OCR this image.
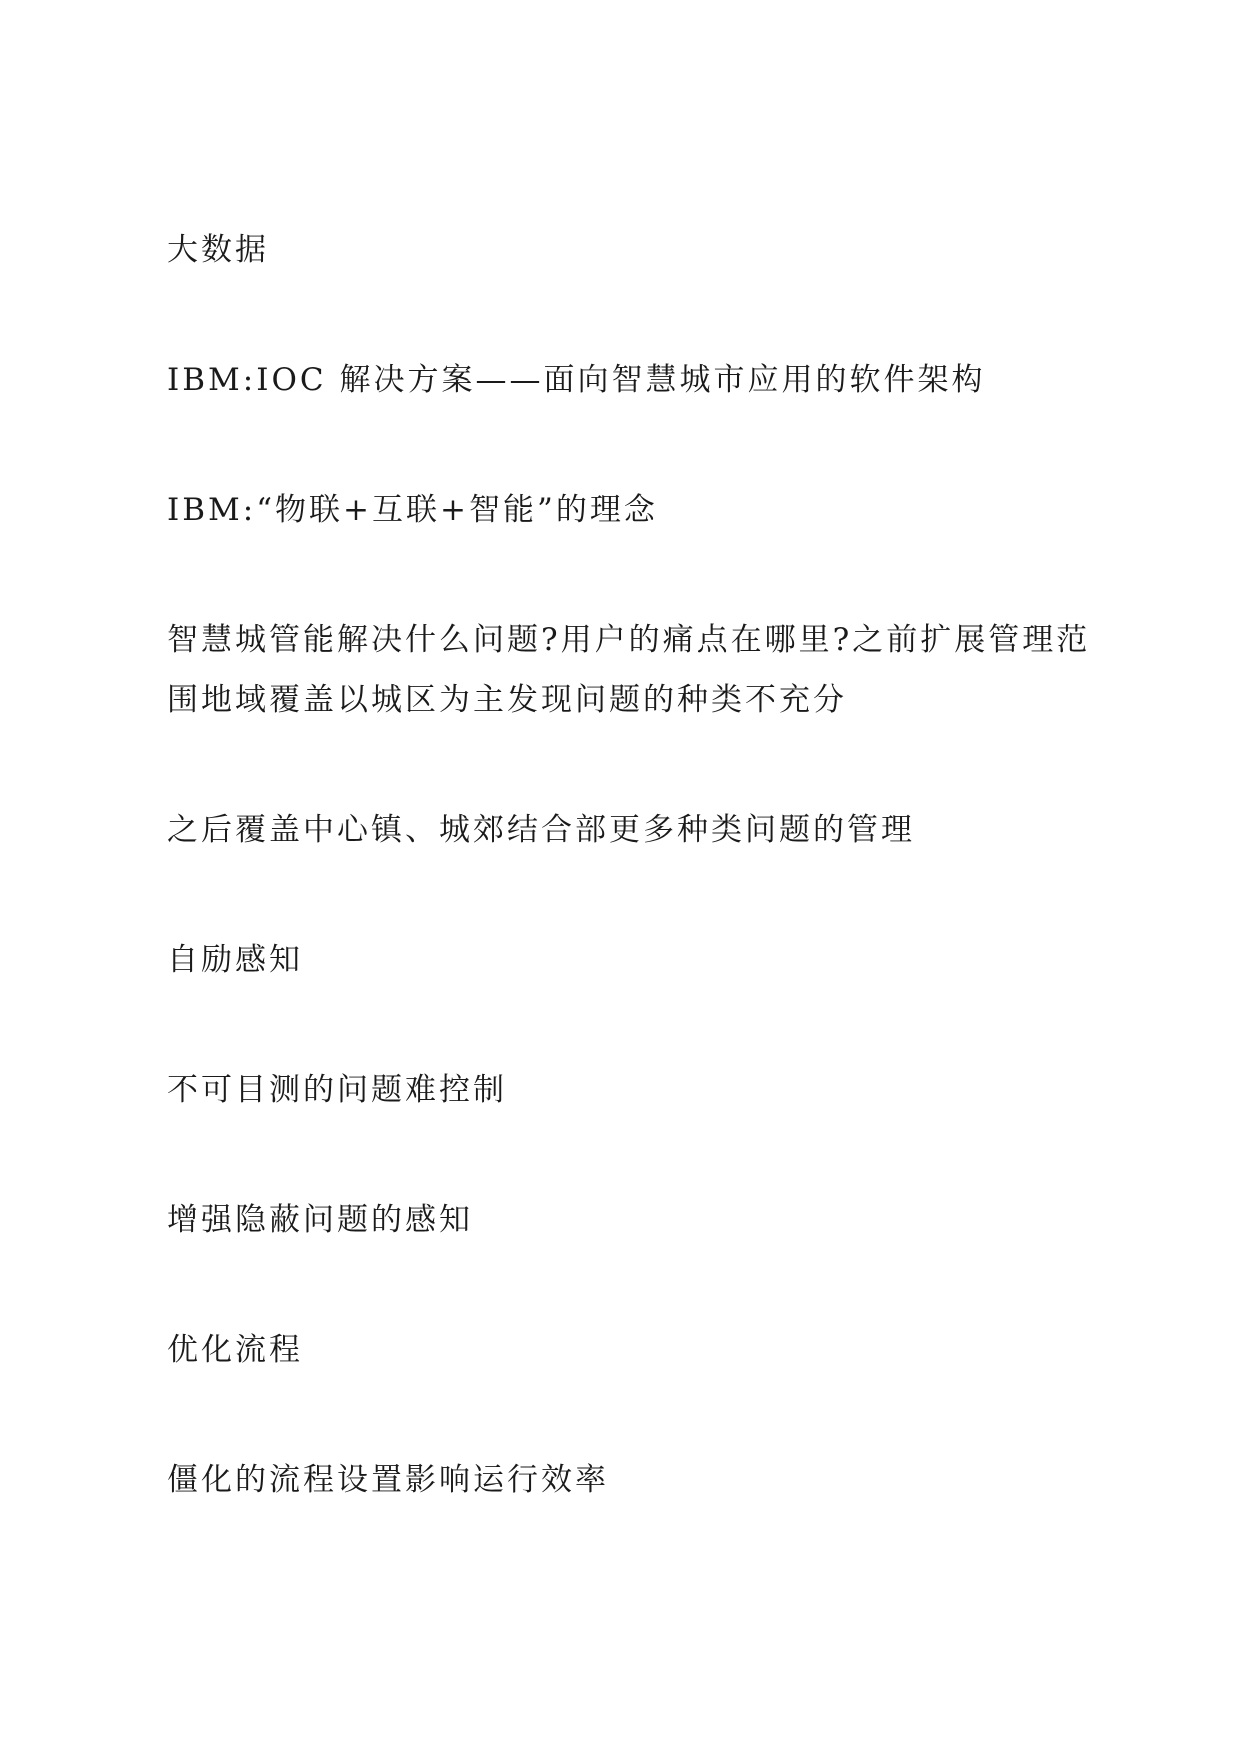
大数据
IBM:IOC 解决方案——面向智慧城市应用的软件架构
IBM:“物联+互联+智能”的理念
智慧城管能解决什么问题?用户的痛点在哪里?之前扩展管理范围地域覆盖以城区为主发现问题的种类不充分
之后覆盖中心镇、城郊结合部更多种类问题的管理
自励感知
不可目测的问题难控制
增强隐蔽问题的感知
优化流程
僵化的流程设置影响运行效率
